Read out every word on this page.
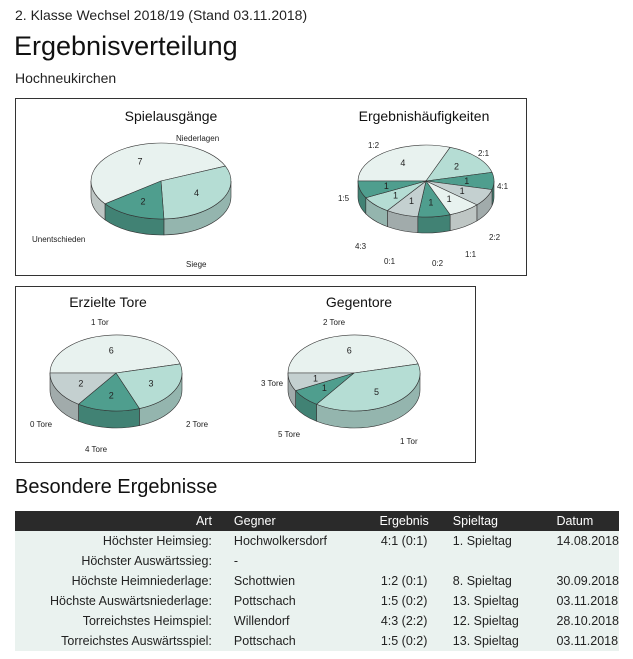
2. Klasse Wechsel 2018/19 (Stand 03.11.2018)
Ergebnisverteilung
Hochneukirchen
Spielausgänge
7
4
2
Niederlagen
Siege
Unentschieden
Ergebnishäufigkeiten
4	2
1
1
1
1
1
1
1
1:2
2:1
4:1
2:2
1:1
0:2
0:1
4:3
1:5
Erzielte Tore
6
3
2
2
1 Tor
2 Tore
4 Tore
0 Tore
Gegentore
6
5
1
1
2 Tore
1 Tor
5 Tore
3 Tore
Besondere Ergebnisse
Art	Gegner	Ergebnis	Spieltag	Datum
Höchster Heimsieg:	Hochwolkersdorf	4:1 (0:1)	1. Spieltag	14.08.2018
Höchster Auswärtssieg:	-			
Höchste Heimniederlage:	Schottwien	1:2 (0:1)	8. Spieltag	30.09.2018
Höchste Auswärtsniederlage:	Pottschach	1:5 (0:2)	13. Spieltag	03.11.2018
Torreichstes Heimspiel:	Willendorf	4:3 (2:2)	12. Spieltag	28.10.2018
Torreichstes Auswärtsspiel:	Pottschach	1:5 (0:2)	13. Spieltag	03.11.2018
